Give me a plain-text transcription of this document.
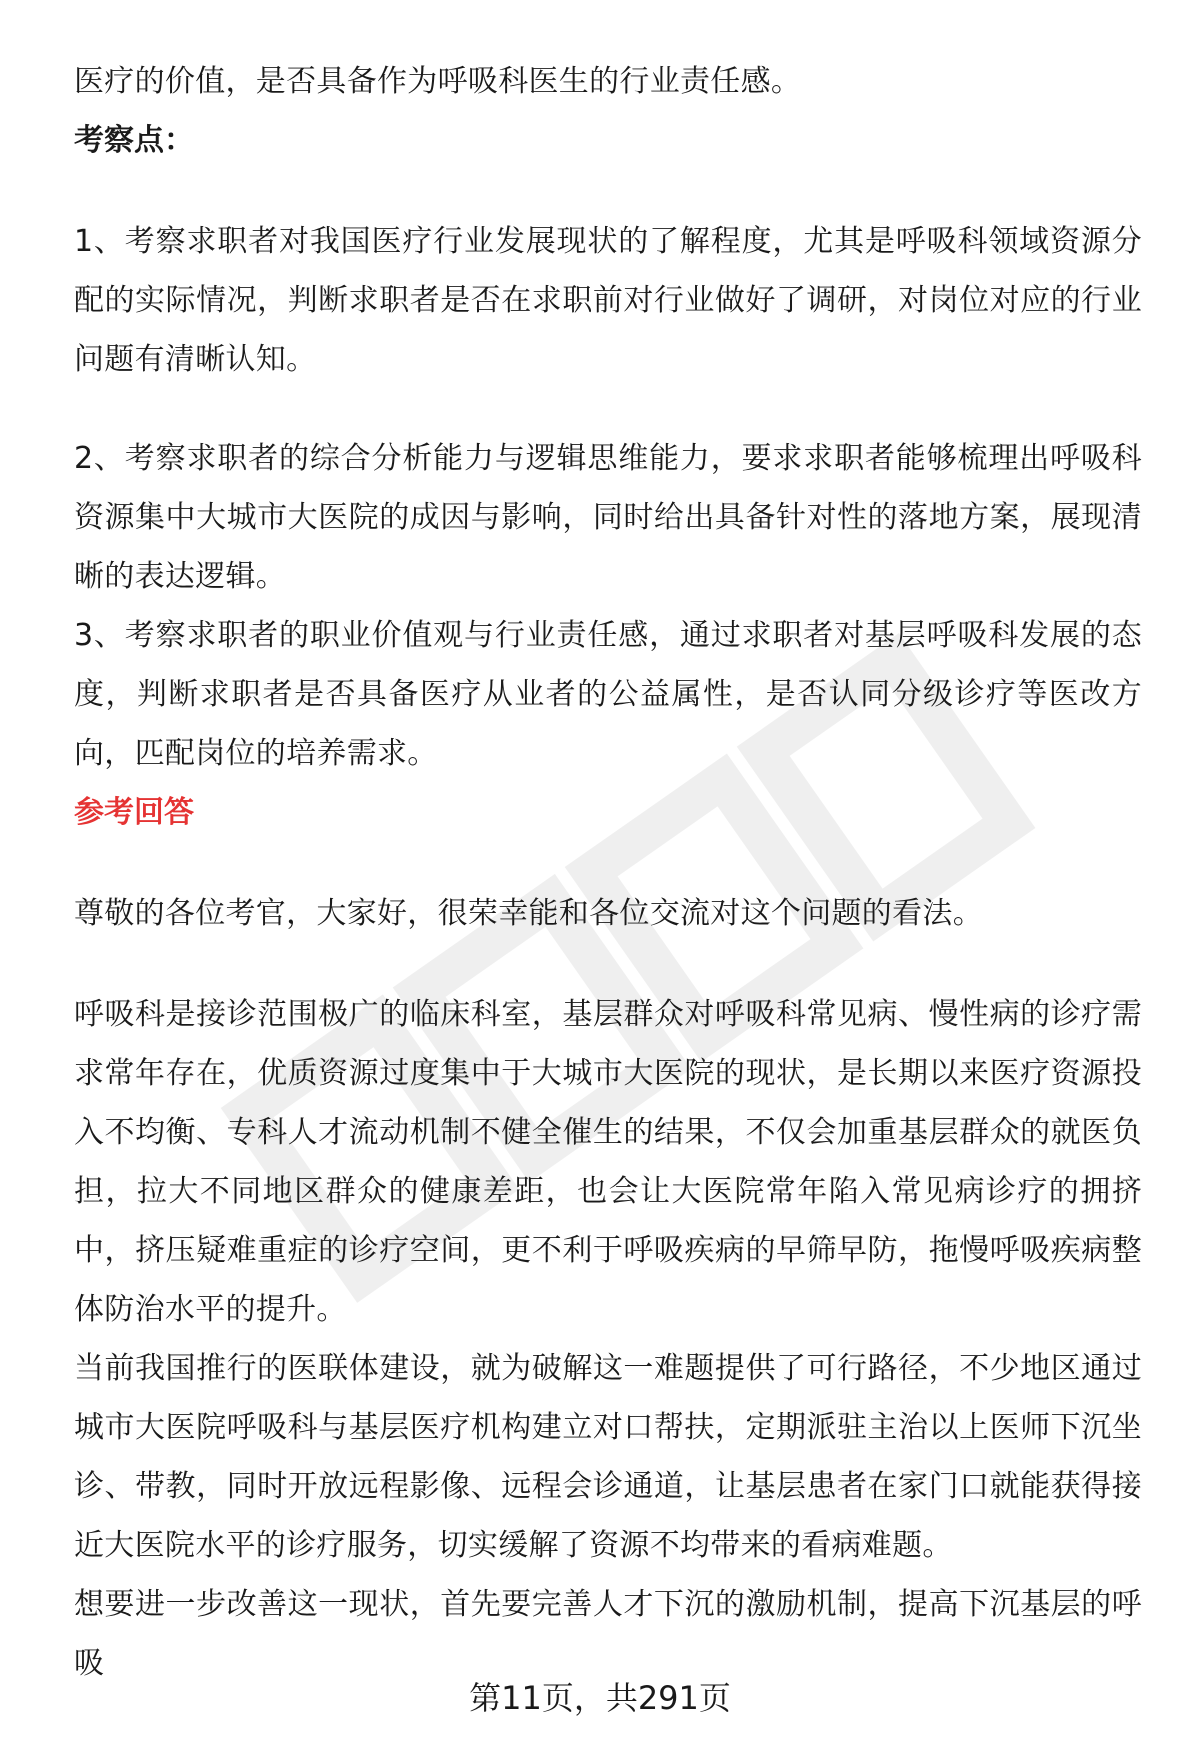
医疗的价值，是否具备作为呼吸科医生的行业责任感。

考察点：

1、考察求职者对我国医疗行业发展现状的了解程度，尤其是呼吸科领域资源分配的实际情况，判断求职者是否在求职前对行业做好了调研，对岗位对应的行业问题有清晰认知。

2、考察求职者的综合分析能力与逻辑思维能力，要求求职者能够梳理出呼吸科资源集中大城市大医院的成因与影响，同时给出具备针对性的落地方案，展现清晰的表达逻辑。

3、考察求职者的职业价值观与行业责任感，通过求职者对基层呼吸科发展的态度，判断求职者是否具备医疗从业者的公益属性，是否认同分级诊疗等医改方向，匹配岗位的培养需求。

参考回答

尊敬的各位考官，大家好，很荣幸能和各位交流对这个问题的看法。

呼吸科是接诊范围极广的临床科室，基层群众对呼吸科常见病、慢性病的诊疗需求常年存在，优质资源过度集中于大城市大医院的现状，是长期以来医疗资源投入不均衡、专科人才流动机制不健全催生的结果，不仅会加重基层群众的就医负担，拉大不同地区群众的健康差距，也会让大医院常年陷入常见病诊疗的拥挤中，挤压疑难重症的诊疗空间，更不利于呼吸疾病的早筛早防，拖慢呼吸疾病整体防治水平的提升。

当前我国推行的医联体建设，就为破解这一难题提供了可行路径，不少地区通过城市大医院呼吸科与基层医疗机构建立对口帮扶，定期派驻主治以上医师下沉坐诊、带教，同时开放远程影像、远程会诊通道，让基层患者在家门口就能获得接近大医院水平的诊疗服务，切实缓解了资源不均带来的看病难题。

想要进一步改善这一现状，首先要完善人才下沉的激励机制，提高下沉基层的呼吸

第11页，共291页
